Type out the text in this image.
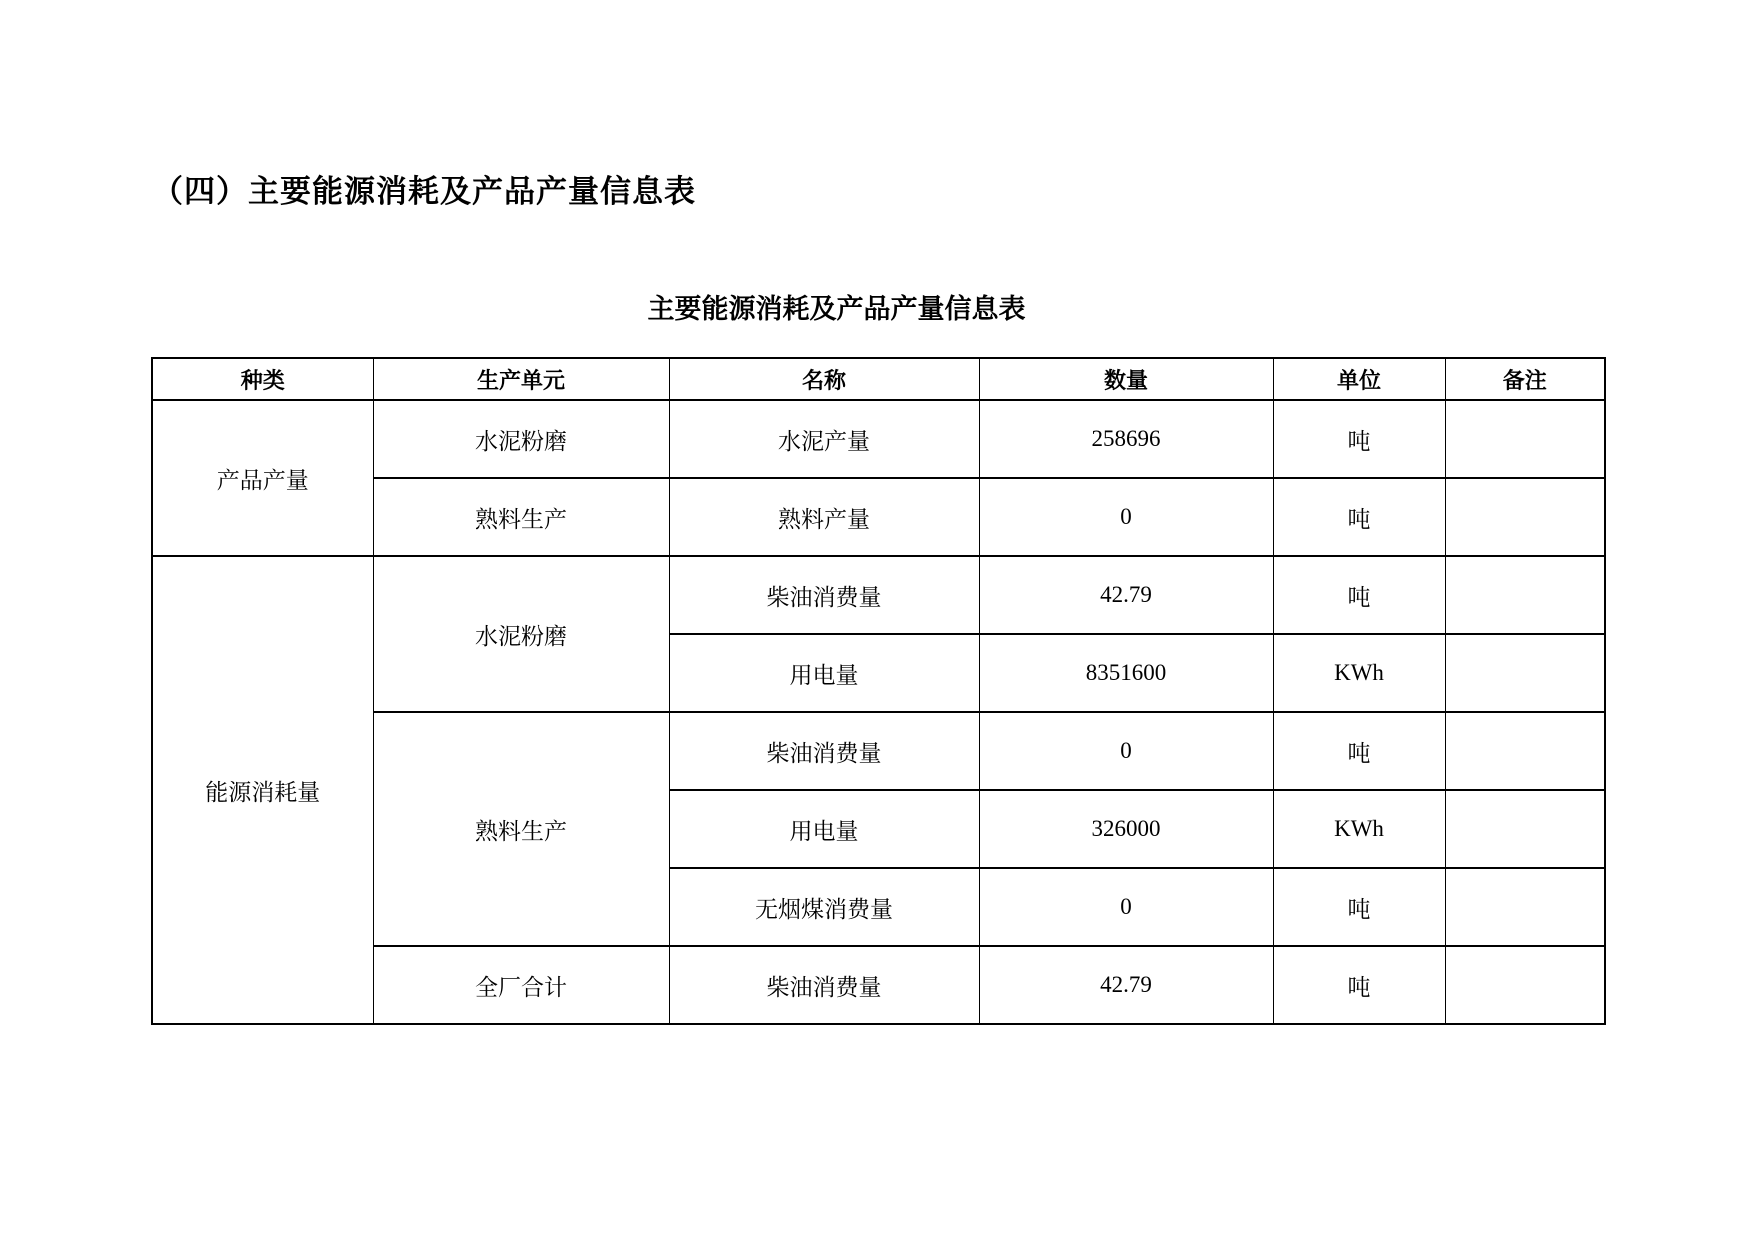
（四）主要能源消耗及产品产量信息表
主要能源消耗及产品产量信息表
种类	生产单元	名称	数量	单位	备注
产品产量	水泥粉磨	水泥产量	258696	吨	
	熟料生产	熟料产量	0	吨	
能源消耗量	水泥粉磨	柴油消费量	42.79	吨	
		用电量	8351600	KWh	
	熟料生产	柴油消费量	0	吨	
		用电量	326000	KWh	
		无烟煤消费量	0	吨	
	全厂合计	柴油消费量	42.79	吨	
